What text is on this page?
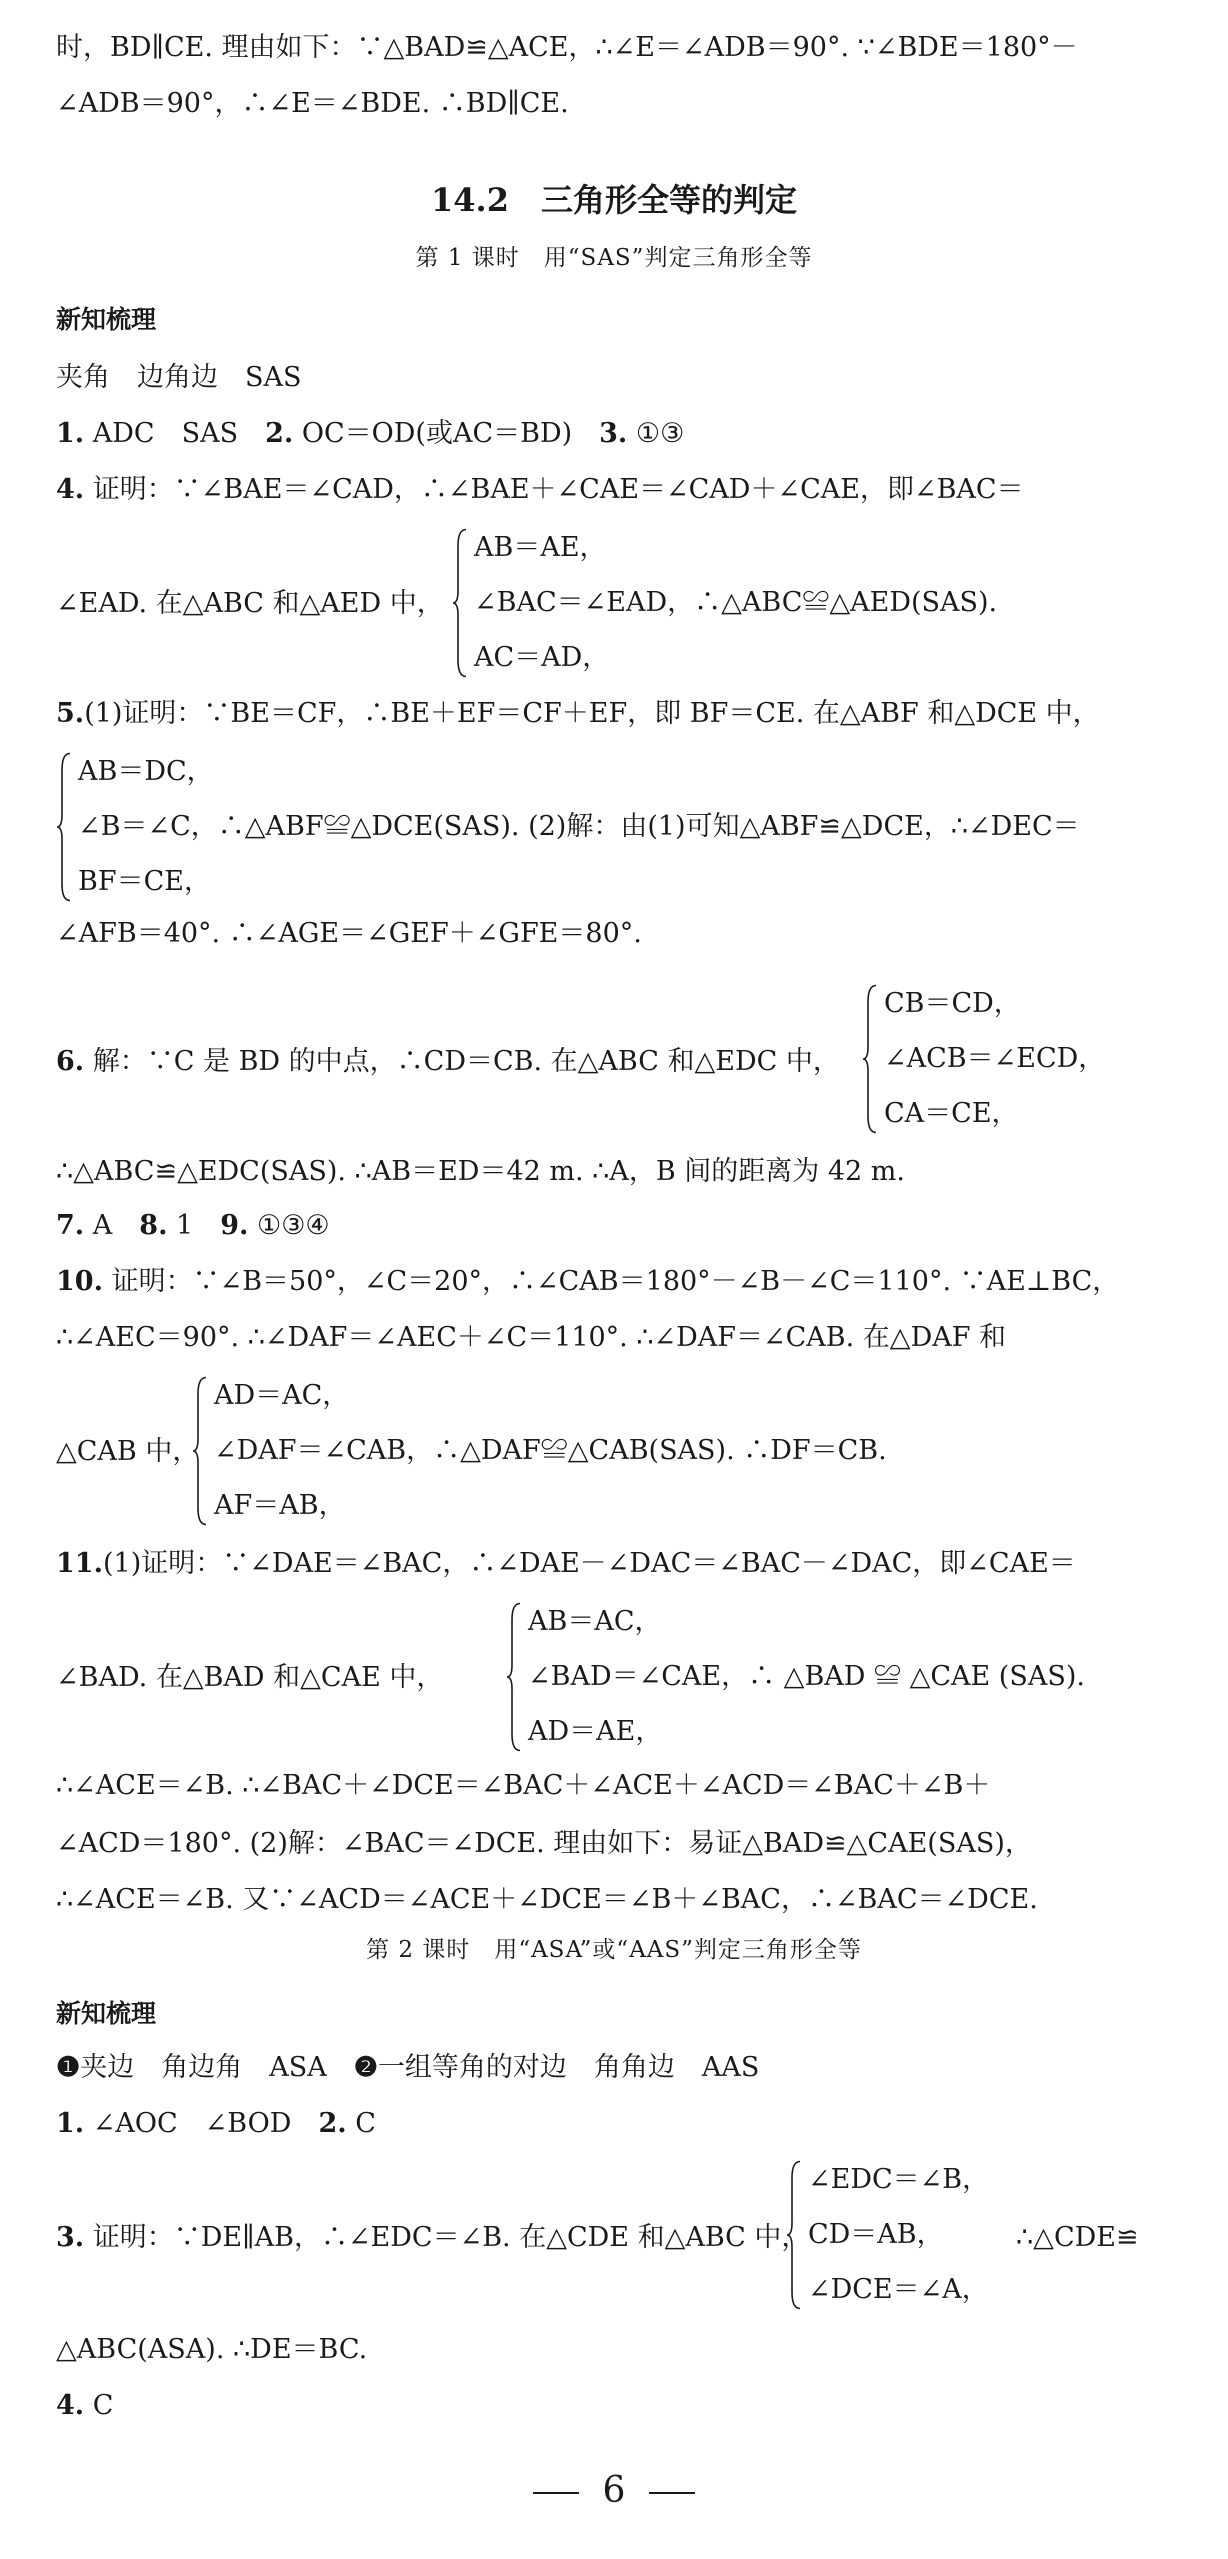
时，BD∥CE. 理由如下：∵△BAD≌△ACE，∴∠E＝∠ADB＝90°. ∵∠BDE＝180°－
∠ADB＝90°，∴∠E＝∠BDE. ∴BD∥CE.
14.2　三角形全等的判定
第 1 课时　用“SAS”判定三角形全等
新知梳理
夹角　边角边　SAS
1. ADC　SAS　2. OC＝OD(或AC＝BD)　3. ①③
4. 证明：∵∠BAE＝∠CAD，∴∠BAE＋∠CAE＝∠CAD＋∠CAE，即∠BAC＝
∠EAD. 在△ABC 和△AED 中，
AB＝AE，
∠BAC＝∠EAD，∴△ABC≌△AED(SAS).
AC＝AD，
5.(1)证明：∵BE＝CF，∴BE＋EF＝CF＋EF，即 BF＝CE. 在△ABF 和△DCE 中，
AB＝DC，
∠B＝∠C，∴△ABF≌△DCE(SAS). (2)解：由(1)可知△ABF≌△DCE，∴∠DEC＝
BF＝CE，
∠AFB＝40°. ∴∠AGE＝∠GEF＋∠GFE＝80°.
6. 解：∵C 是 BD 的中点，∴CD＝CB. 在△ABC 和△EDC 中，
CB＝CD，
∠ACB＝∠ECD，
CA＝CE，
∴△ABC≌△EDC(SAS). ∴AB＝ED＝42 m. ∴A，B 间的距离为 42 m.
7. A　8. 1　9. ①③④
10. 证明：∵∠B＝50°，∠C＝20°，∴∠CAB＝180°－∠B－∠C＝110°. ∵AE⊥BC，
∴∠AEC＝90°. ∴∠DAF＝∠AEC＋∠C＝110°. ∴∠DAF＝∠CAB. 在△DAF 和
△CAB 中，
AD＝AC，
∠DAF＝∠CAB，∴△DAF≌△CAB(SAS). ∴DF＝CB.
AF＝AB，
11.(1)证明：∵∠DAE＝∠BAC，∴∠DAE－∠DAC＝∠BAC－∠DAC，即∠CAE＝
∠BAD. 在△BAD 和△CAE 中，
AB＝AC，
∠BAD＝∠CAE，∴ △BAD ≌ △CAE (SAS).
AD＝AE，
∴∠ACE＝∠B. ∴∠BAC＋∠DCE＝∠BAC＋∠ACE＋∠ACD＝∠BAC＋∠B＋
∠ACD＝180°. (2)解：∠BAC＝∠DCE. 理由如下：易证△BAD≌△CAE(SAS)，
∴∠ACE＝∠B. 又∵∠ACD＝∠ACE＋∠DCE＝∠B＋∠BAC，∴∠BAC＝∠DCE.
第 2 课时　用“ASA”或“AAS”判定三角形全等
新知梳理
❶夹边　角边角　ASA　❷一组等角的对边　角角边　AAS
1. ∠AOC　∠BOD　2. C
3. 证明：∵DE∥AB，∴∠EDC＝∠B. 在△CDE 和△ABC 中，
∠EDC＝∠B，
CD＝AB，
∠DCE＝∠A，
∴△CDE≌
△ABC(ASA). ∴DE＝BC.
4. C
6
